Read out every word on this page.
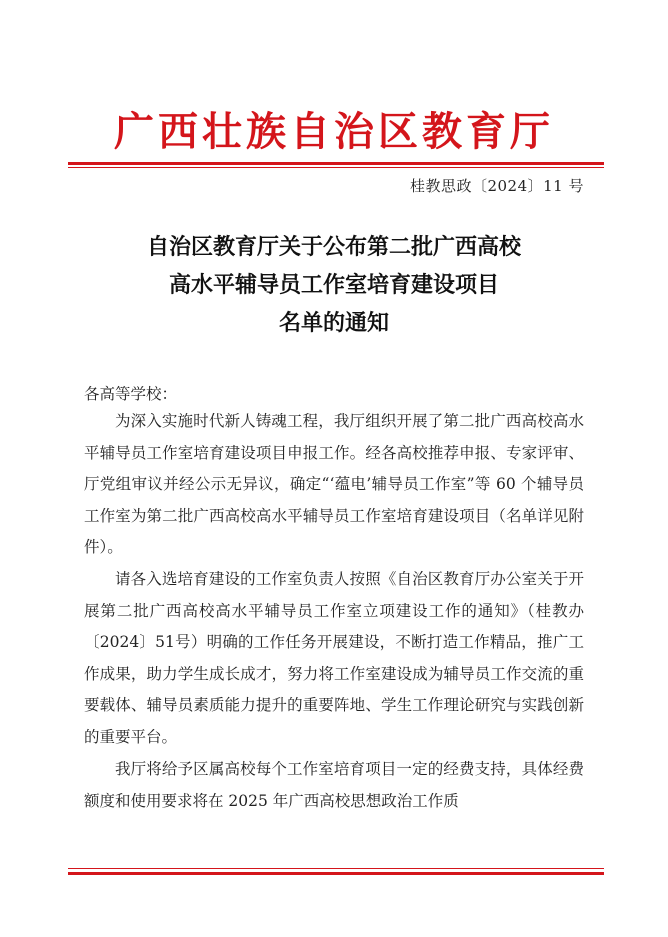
广西壮族自治区教育厅
桂教思政〔2024〕11 号
自治区教育厅关于公布第二批广西高校
高水平辅导员工作室培育建设项目
名单的通知
各高等学校：
为深入实施时代新人铸魂工程，我厅组织开展了第二批广西高校高水平辅导员工作室培育建设项目申报工作。经各高校推荐申报、专家评审、厅党组审议并经公示无异议，确定“‘蕴电’辅导员工作室”等 60 个辅导员工作室为第二批广西高校高水平辅导员工作室培育建设项目（名单详见附件）。
请各入选培育建设的工作室负责人按照《自治区教育厅办公室关于开展第二批广西高校高水平辅导员工作室立项建设工作的通知》（桂教办〔2024〕51号）明确的工作任务开展建设，不断打造工作精品，推广工作成果，助力学生成长成才，努力将工作室建设成为辅导员工作交流的重要载体、辅导员素质能力提升的重要阵地、学生工作理论研究与实践创新的重要平台。
我厅将给予区属高校每个工作室培育项目一定的经费支持，具体经费额度和使用要求将在 2025 年广西高校思想政治工作质
